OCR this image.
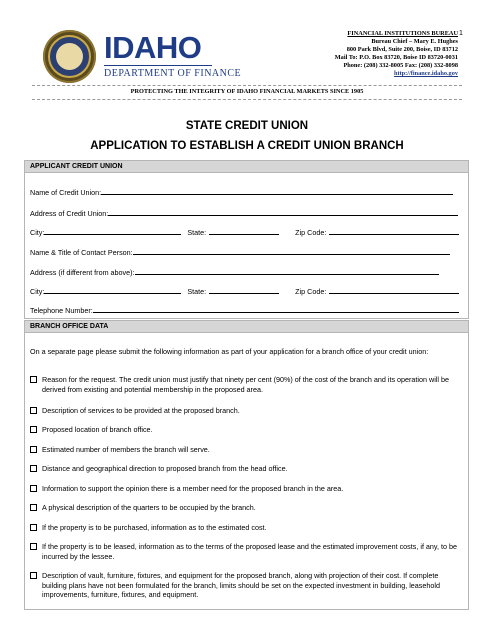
1
IDAHO
DEPARTMENT OF FINANCE
FINANCIAL INSTITUTIONS BUREAU
Bureau Chief – Mary E. Hughes
800 Park Blvd, Suite 200, Boise, ID 83712
Mail To: P.O. Box 83720, Boise ID 83720-0031
Phone: (208) 332-8005 Fax: (208) 332-8098
http://finance.idaho.gov
PROTECTING THE INTEGRITY OF IDAHO FINANCIAL MARKETS SINCE 1905
STATE CREDIT UNION
APPLICATION TO ESTABLISH A CREDIT UNION BRANCH
APPLICANT CREDIT UNION
Name of Credit Union:
Address of Credit Union:
City:	State:	Zip Code:
Name & Title of Contact Person:
Address (if different from above):
City:	State:	Zip Code:
Telephone Number:
BRANCH OFFICE DATA
On a separate page please submit the following information as part of your application for a branch office of your credit union:
Reason for the request. The credit union must justify that ninety per cent (90%) of the cost of the branch and its operation will be derived from existing and potential membership in the proposed area.
Description of services to be provided at the proposed branch.
Proposed location of branch office.
Estimated number of members the branch will serve.
Distance and geographical direction to proposed branch from the head office.
Information to support the opinion there is a member need for the proposed branch in the area.
A physical description of the quarters to be occupied by the branch.
If the property is to be purchased, information as to the estimated cost.
If the property is to be leased, information as to the terms of the proposed lease and the estimated improvement costs, if any, to be incurred by the lessee.
Description of vault, furniture, fixtures, and equipment for the proposed branch, along with projection of their cost. If complete building plans have not been formulated for the branch, limits should be set on the expected investment in building, leasehold improvements, furniture, fixtures, and equipment.
